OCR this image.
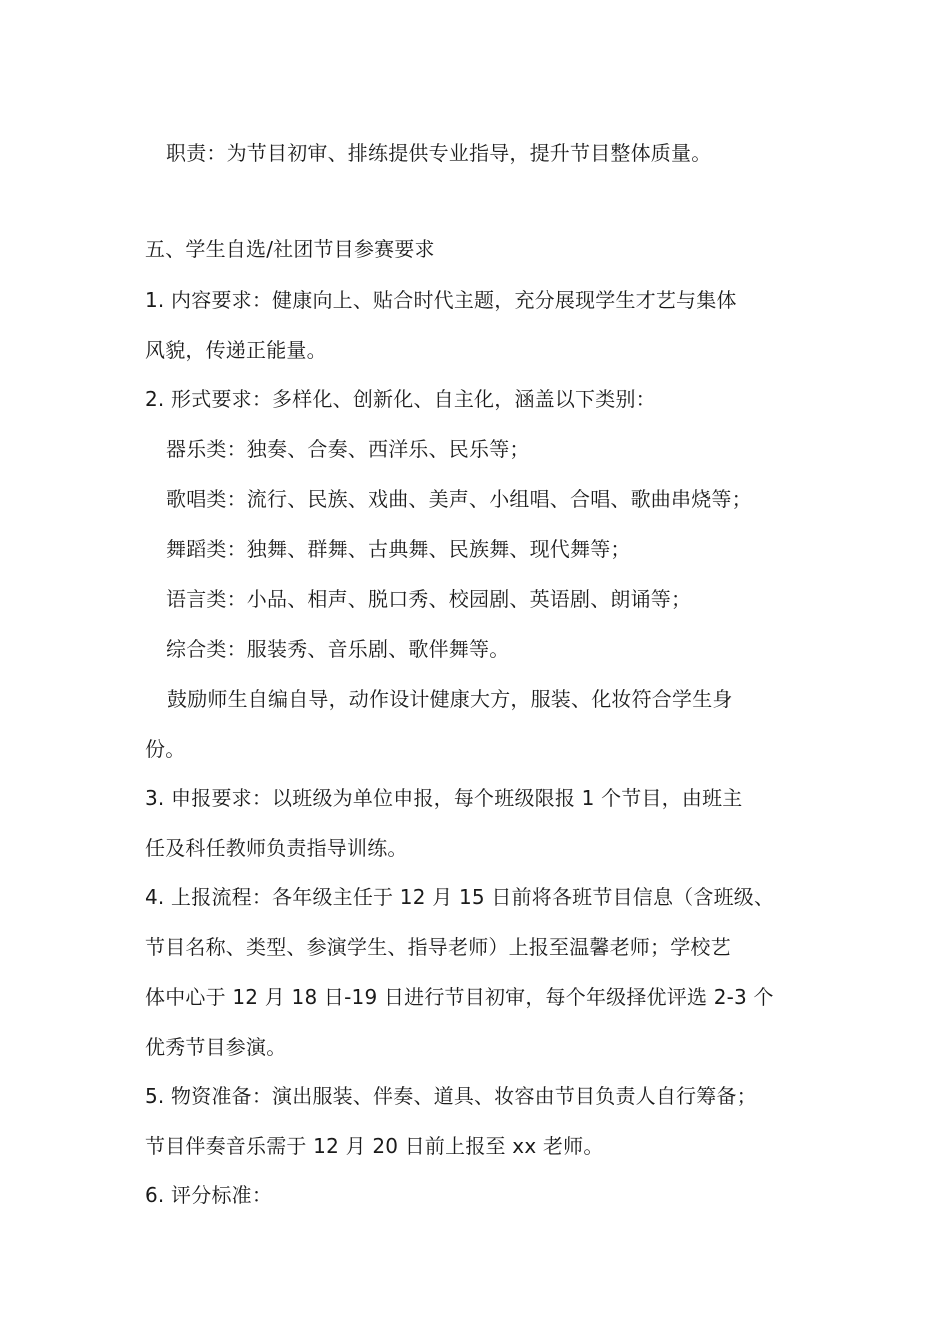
职责：为节目初审、排练提供专业指导，提升节目整体质量。
五、学生自选/社团节目参赛要求
1. 内容要求：健康向上、贴合时代主题，充分展现学生才艺与集体
风貌，传递正能量。
2. 形式要求：多样化、创新化、自主化，涵盖以下类别：
器乐类：独奏、合奏、西洋乐、民乐等；
歌唱类：流行、民族、戏曲、美声、小组唱、合唱、歌曲串烧等；
舞蹈类：独舞、群舞、古典舞、民族舞、现代舞等；
语言类：小品、相声、脱口秀、校园剧、英语剧、朗诵等；
综合类：服装秀、音乐剧、歌伴舞等。
鼓励师生自编自导，动作设计健康大方，服装、化妆符合学生身
份。
3. 申报要求：以班级为单位申报，每个班级限报 1 个节目，由班主
任及科任教师负责指导训练。
4. 上报流程：各年级主任于 12 月 15 日前将各班节目信息（含班级、
节目名称、类型、参演学生、指导老师）上报至温馨老师；学校艺
体中心于 12 月 18 日-19 日进行节目初审，每个年级择优评选 2-3 个
优秀节目参演。
5. 物资准备：演出服装、伴奏、道具、妆容由节目负责人自行筹备；
节目伴奏音乐需于 12 月 20 日前上报至 xx 老师。
6. 评分标准：
